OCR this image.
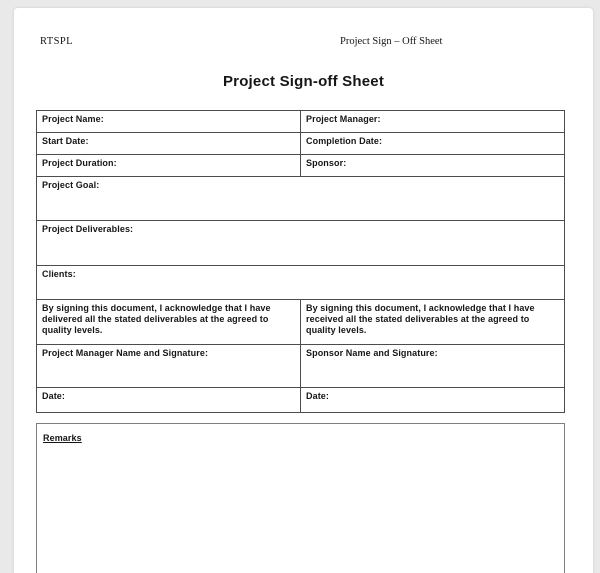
RTSPL	Project Sign – Off Sheet
Project Sign-off Sheet
Project Name:	Project Manager:
Start Date:	Completion Date:
Project Duration:	Sponsor:
Project Goal:	
Project Deliverables:	
Clients:	

By signing this document, I acknowledge that I have delivered all the stated deliverables at the agreed to quality levels.	By signing this document, I acknowledge that I have received all the stated deliverables at the agreed to quality levels.

Project Manager Name and Signature:	Sponsor Name and Signature:
Date:	Date:
Remarks
